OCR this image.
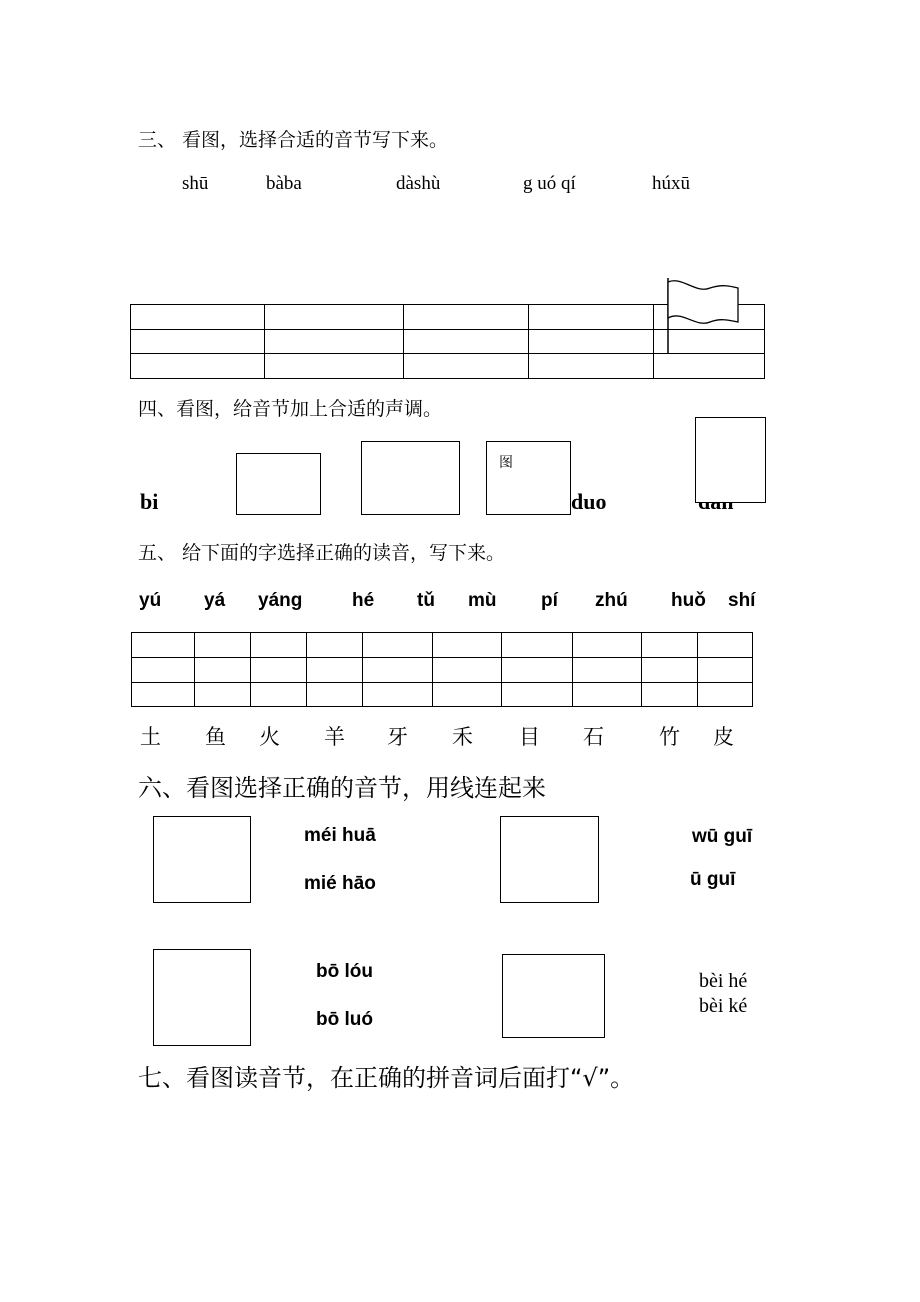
三、 看图，选择合适的音节写下来。
shū	bàba	dàshù	g uó qí	húxū

四、看图，给音节加上合适的声调。
bi
图
duo
五、 给下面的字选择正确的读音，写下来。
yú yá yáng	hé tǔ mù pí zhú huǒ shí

土 鱼 火 羊 牙 禾 目 石	竹 皮
六、看图选择正确的音节，用线连起来
méi huā
mié hāo
wū guī
ū guī
bō lóu
bō luó
bèi hé
bèi ké
七、看图读音节，在正确的拼音词后面打“√”。
